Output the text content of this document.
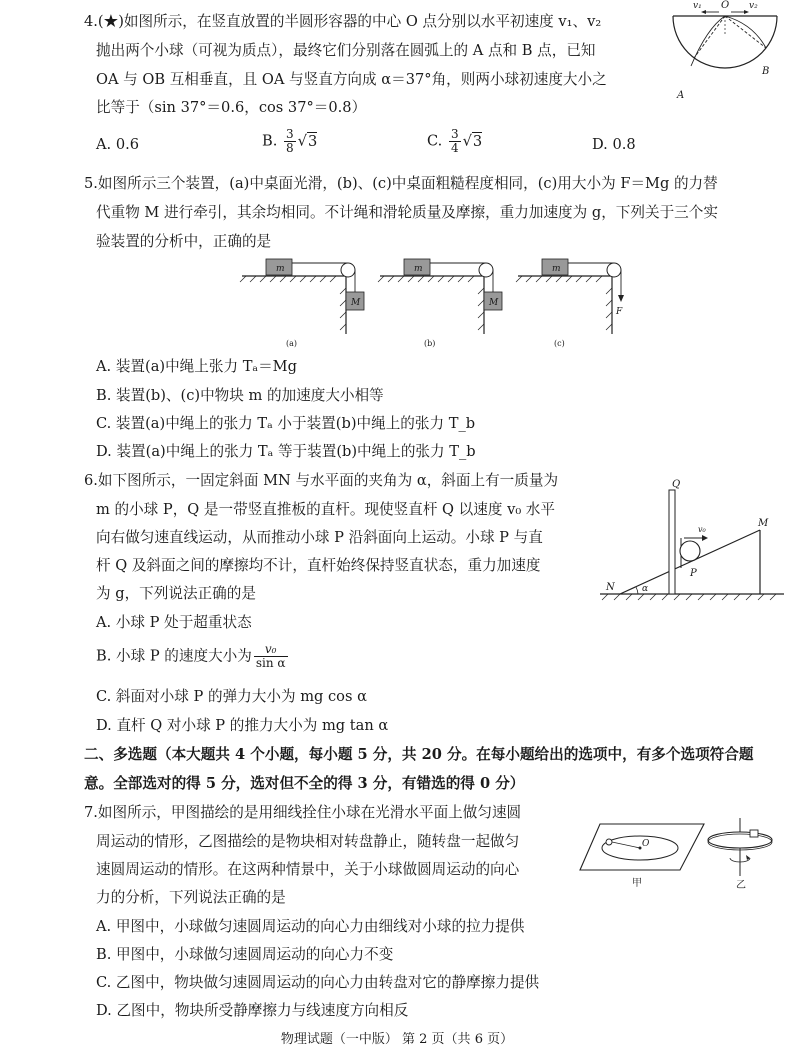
4.(★)如图所示，在竖直放置的半圆形容器的中心 O 点分别以水平初速度 v₁、v₂
抛出两个小球（可视为质点），最终它们分别落在圆弧上的 A 点和 B 点，已知
OA 与 OB 互相垂直，且 OA 与竖直方向成 α＝37°角，则两小球初速度大小之
比等于（sin 37°＝0.6，cos 37°＝0.8）
A. 0.6	B. $\frac{3}{8} √3$	C. $\frac{3}{4} √3$	D. 0.8
v₁ O v₂
A
B
5.如图所示三个装置，(a)中桌面光滑，(b)、(c)中桌面粗糙程度相同，(c)用大小为 F＝Mg 的力替
代重物 M 进行牵引，其余均相同。不计绳和滑轮质量及摩擦，重力加速度为 g，下列关于三个实
验装置的分析中，正确的是
m
M
(a)
m
M
(b)
m
F
(c)
A. 装置(a)中绳上张力 Tₐ＝Mg
B. 装置(b)、(c)中物块 m 的加速度大小相等
C. 装置(a)中绳上的张力 Tₐ 小于装置(b)中绳上的张力 T_b
D. 装置(a)中绳上的张力 Tₐ 等于装置(b)中绳上的张力 T_b
6.如下图所示，一固定斜面 MN 与水平面的夹角为 α，斜面上有一质量为
m 的小球 P，Q 是一带竖直推板的直杆。现使竖直杆 Q 以速度 v₀ 水平
向右做匀速直线运动，从而推动小球 P 沿斜面向上运动。小球 P 与直
杆 Q 及斜面之间的摩擦均不计，直杆始终保持竖直状态，重力加速度
为 g，下列说法正确的是
A. 小球 P 处于超重状态
B. 小球 P 的速度大小为 $\frac{\text{v₀}}{\text{sin α}}$
C. 斜面对小球 P 的弹力大小为 mg cos α
D. 直杆 Q 对小球 P 的推力大小为 mg tan α
Q
v₀
M
P
N	α
二、多选题（本大题共 4 个小题，每小题 5 分，共 20 分。在每小题给出的选项中，有多个选项符合题
意。全部选对的得 5 分，选对但不全的得 3 分，有错选的得 0 分）
7.如图所示，甲图描绘的是用细线拴住小球在光滑水平面上做匀速圆
周运动的情形，乙图描绘的是物块相对转盘静止，随转盘一起做匀
速圆周运动的情形。在这两种情景中，关于小球做圆周运动的向心
力的分析，下列说法正确的是
A. 甲图中，小球做匀速圆周运动的向心力由细线对小球的拉力提供
B. 甲图中，小球做匀速圆周运动的向心力不变
C. 乙图中，物块做匀速圆周运动的向心力由转盘对它的静摩擦力提供
D. 乙图中，物块所受静摩擦力与线速度方向相反
O
甲	乙
物理试题（一中版） 第 2 页（共 6 页）
